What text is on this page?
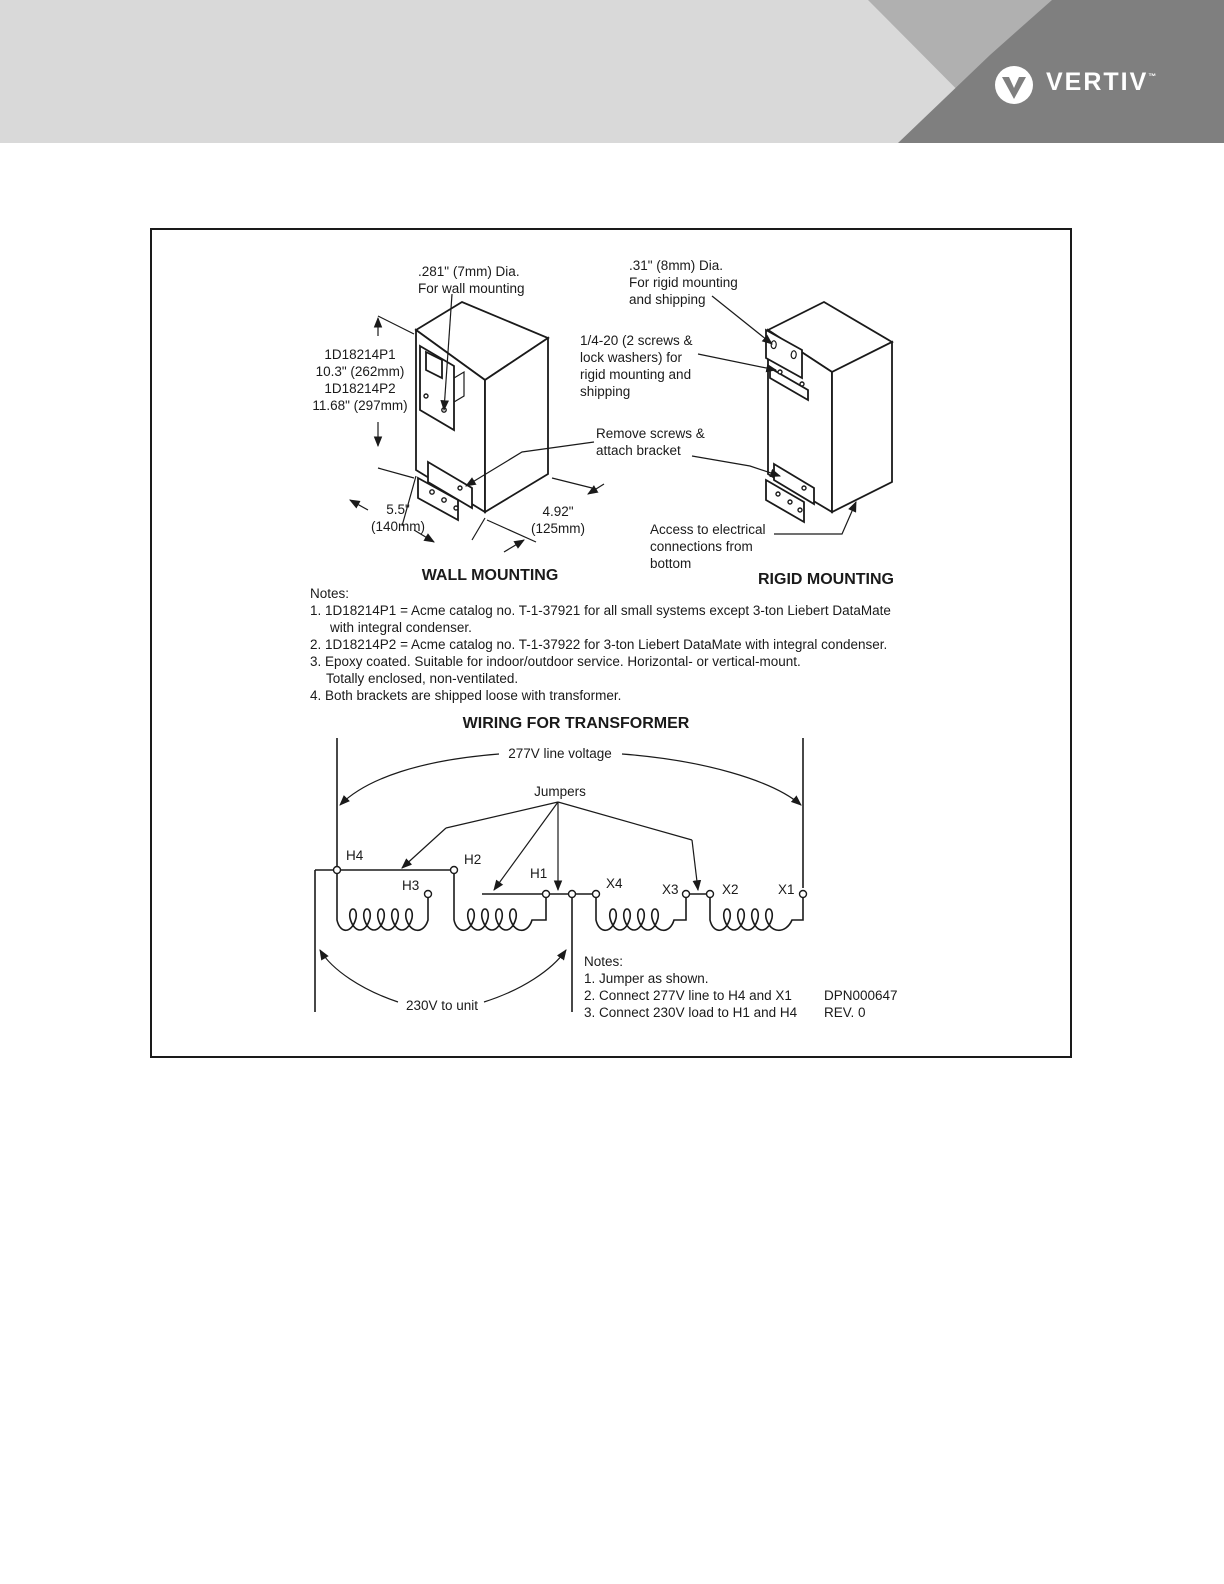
VERTIV™
.281" (7mm) Dia.
For wall mounting
1D18214P1
10.3" (262mm)
1D18214P2
11.68" (297mm)
5.5"
(140mm)
4.92"
(125mm)
Remove screws &
attach bracket
WALL MOUNTING
.31" (8mm) Dia.
For rigid mounting
and shipping
1/4-20 (2 screws &
lock washers) for
rigid mounting and
shipping
Access to electrical
connections from
bottom
RIGID MOUNTING
Notes:
1. 1D18214P1 = Acme catalog no. T-1-37921 for all small systems except 3-ton Liebert DataMate
with integral condenser.
2. 1D18214P2 = Acme catalog no. T-1-37922 for 3-ton Liebert DataMate with integral condenser.
3. Epoxy coated. Suitable for indoor/outdoor service. Horizontal- or vertical-mount.
Totally enclosed, non-ventilated.
4. Both brackets are shipped loose with transformer.
WIRING FOR TRANSFORMER
277V line voltage
Jumpers
230V to unit
H4
H3
H2
H1
X4	X3	X2	X1
Notes:
1. Jumper as shown.
2. Connect 277V line to H4 and X1
3. Connect 230V load to H1 and H4
DPN000647
REV. 0
